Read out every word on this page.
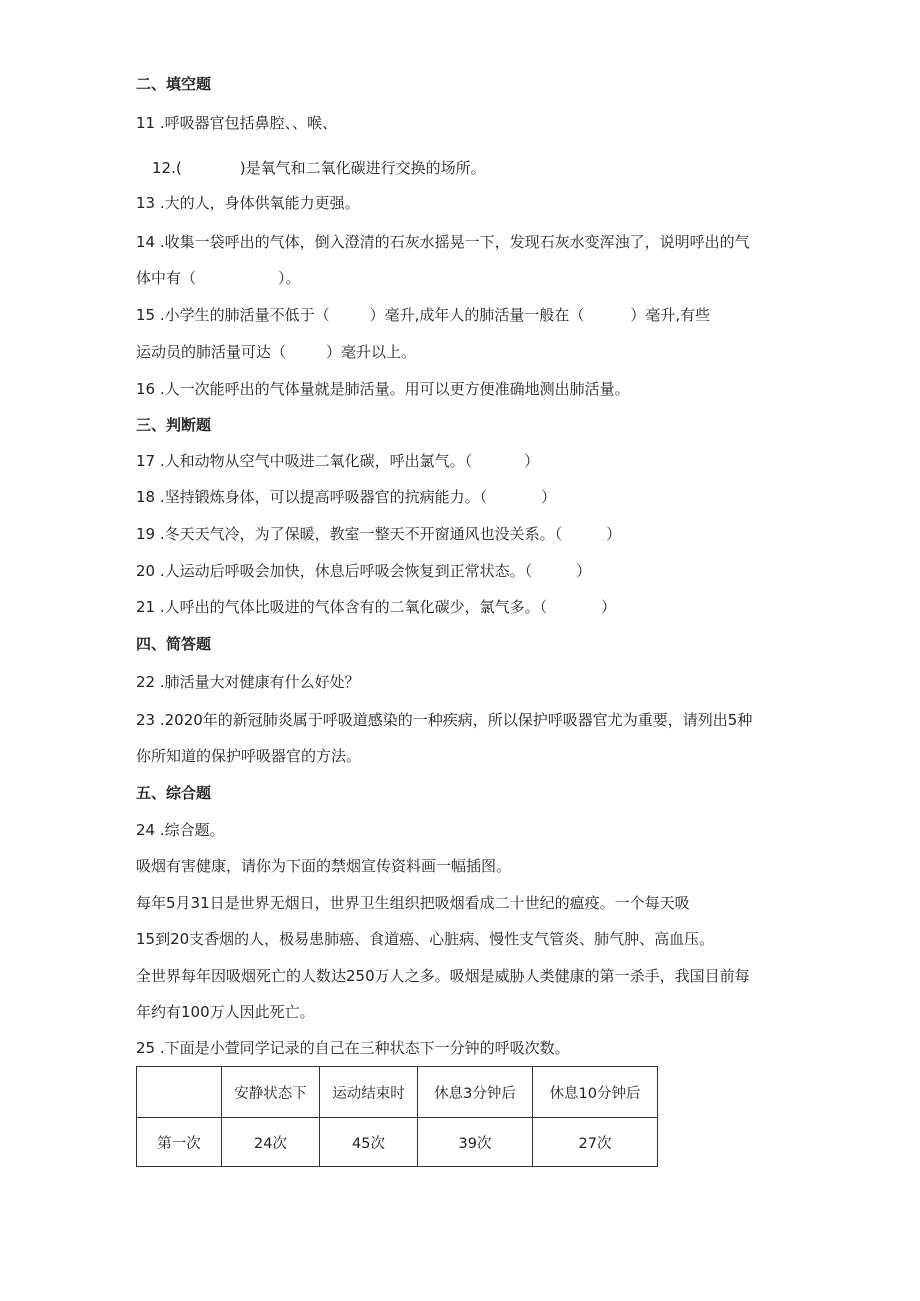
二、填空题
11 .呼吸器官包括鼻腔、、喉、
12.(	)是氧气和二氧化碳进行交换的场所。
13 .大的人，身体供氧能力更强。
14 .收集一袋呼出的气体，倒入澄清的石灰水摇晃一下，发现石灰水变浑浊了，说明呼出的气
体中有（	）。
15 .小学生的肺活量不低于（	）毫升,成年人的肺活量一般在（	）毫升,有些
运动员的肺活量可达（	）毫升以上。
16 .人一次能呼出的气体量就是肺活量。用可以更方便准确地测出肺活量。
三、判断题
17 .人和动物从空气中吸进二氧化碳，呼出氯气。（	）
18 .坚持锻炼身体，可以提高呼吸器官的抗病能力。（	）
19 .冬天天气冷，为了保暖，教室一整天不开窗通风也没关系。（	）
20 .人运动后呼吸会加快，休息后呼吸会恢复到正常状态。（	）
21 .人呼出的气体比吸进的气体含有的二氧化碳少，氯气多。（	）
四、简答题
22 .肺活量大对健康有什么好处？
23 .2020年的新冠肺炎属于呼吸道感染的一种疾病，所以保护呼吸器官尤为重要，请列出5种
你所知道的保护呼吸器官的方法。
五、综合题
24 .综合题。
吸烟有害健康，请你为下面的禁烟宣传资料画一幅插图。
每年5月31日是世界无烟日，世界卫生组织把吸烟看成二十世纪的瘟疫。一个每天吸
15到20支香烟的人，极易患肺癌、食道癌、心脏病、慢性支气管炎、肺气肿、高血压。
全世界每年因吸烟死亡的人数达250万人之多。吸烟是威胁人类健康的第一杀手，我国目前每
年约有100万人因此死亡。
25 .下面是小萱同学记录的自己在三种状态下一分钟的呼吸次数。
	安静状态下	运动结束时	休息3分钟后	休息10分钟后
第一次	24次	45次	39次	27次
